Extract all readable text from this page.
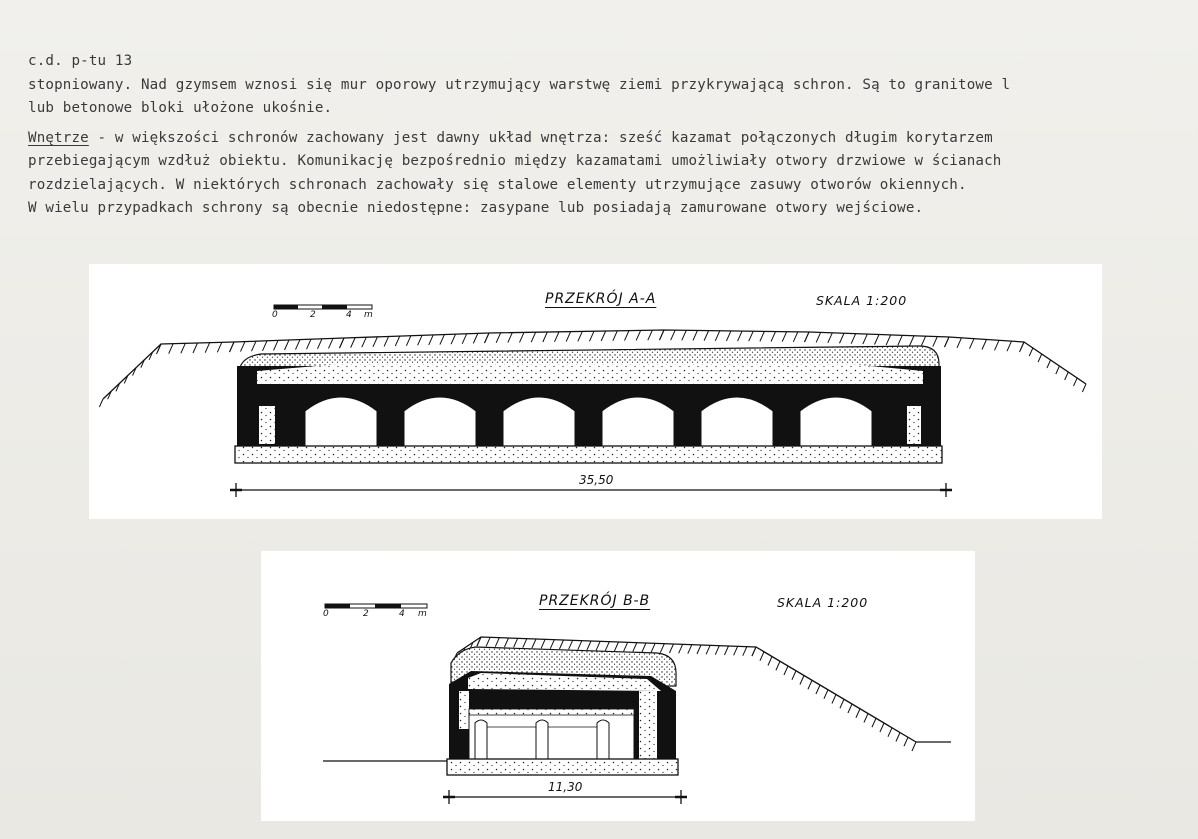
c.d. p-tu 13
stopniowany. Nad gzymsem wznosi się mur oporowy utrzymujący warstwę ziemi przykrywającą schron. Są to granitowe l
lub betonowe bloki ułożone ukośnie.
Wnętrze - w większości schronów zachowany jest dawny układ wnętrza: sześć kazamat połączonych długim korytarzem
przebiegającym wzdłuż obiektu. Komunikację bezpośrednio między kazamatami umożliwiały otwory drzwiowe w ścianach
rozdzielających. W niektórych schronach zachowały się stalowe elementy utrzymujące zasuwy otworów okiennych.
W wielu przypadkach schrony są obecnie niedostępne: zasypane lub posiadają zamurowane otwory wejściowe.
0	2	4 m
PRZEKRÓJ A-A	SKALA 1:200
35,50
0	2	4 m
PRZEKRÓJ B-B	SKALA 1:200
11,30
